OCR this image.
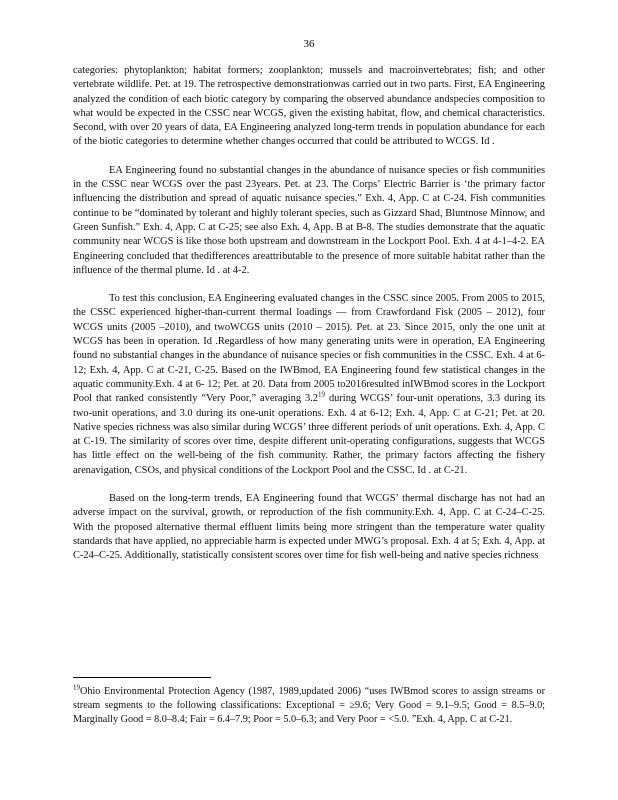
36

categories: phytoplankton; habitat formers; zooplankton; mussels and macroinvertebrates; fish; and other vertebrate wildlife. Pet. at 19. The retrospective demonstrationwas carried out in two parts. First, EA Engineering analyzed the condition of each biotic category by comparing the observed abundance andspecies composition to what would be expected in the CSSC near WCGS, given the existing habitat, flow, and chemical characteristics. Second, with over 20 years of data, EA Engineering analyzed long-term trends in population abundance for each of the biotic categories to determine whether changes occurred that could be attributed to WCGS. Id .

EA Engineering found no substantial changes in the abundance of nuisance species or fish communities in the CSSC near WCGS over the past 23years. Pet. at 23. The Corps’ Electric Barrier is ‘the primary factor influencing the distribution and spread of aquatic nuisance species.” Exh. 4, App. C at C-24. Fish communities continue to be “dominated by tolerant and highly tolerant species, such as Gizzard Shad, Bluntnose Minnow, and Green Sunfish.” Exh. 4, App. C at C-25; see also Exh. 4, App. B at B-8. The studies demonstrate that the aquatic community near WCGS is like those both upstream and downstream in the Lockport Pool. Exh. 4 at 4-1–4-2. EA Engineering concluded that thedifferences areattributable to the presence of more suitable habitat rather than the influence of the thermal plume. Id . at 4-2.

To test this conclusion, EA Engineering evaluated changes in the CSSC since 2005. From 2005 to 2015, the CSSC experienced higher-than-current thermal loadings — from Crawfordand Fisk (2005 – 2012), four WCGS units (2005 –2010), and twoWCGS units (2010 – 2015). Pet. at 23. Since 2015, only the one unit at WCGS has been in operation. Id .Regardless of how many generating units were in operation, EA Engineering found no substantial changes in the abundance of nuisance species or fish communities in the CSSC. Exh. 4 at 6-12; Exh. 4, App. C at C-21, C-25. Based on the IWBmod, EA Engineering found few statistical changes in the aquatic community.Exh. 4 at 6- 12; Pet. at 20. Data from 2005 to2016resulted inIWBmod scores in the Lockport Pool that ranked consistently “Very Poor,” averaging $3.2^{19}$ during WCGS’ four-unit operations, 3.3 during its two-unit operations, and 3.0 during its one-unit operations. Exh. 4 at 6-12; Exh. 4, App. C at C-21; Pet. at 20. Native species richness was also similar during WCGS’ three different periods of unit operations. Exh. 4, App. C at C-19. The similarity of scores over time, despite different unit-operating configurations, suggests that WCGS has little effect on the well-being of the fish community. Rather, the primary factors affecting the fishery arenavigation, CSOs, and physical conditions of the Lockport Pool and the CSSC. Id . at C-21.

Based on the long-term trends, EA Engineering found that WCGS’ thermal discharge has not had an adverse impact on the survival, growth, or reproduction of the fish community.Exh. 4, App. C at C-24–C-25. With the proposed alternative thermal effluent limits being more stringent than the temperature water quality standards that have applied, no appreciable harm is expected under MWG’s proposal. Exh. 4 at 5; Exh. 4, App. at C-24–C-25. Additionally, statistically consistent scores over time for fish well-being and native species richness

$^{19}$Ohio Environmental Protection Agency (1987, 1989,updated 2006) “uses IWBmod scores to assign streams or stream segments to the following classifications: Exceptional = ≥9.6; Very Good = 9.1–9.5; Good = 8.5–9.0; Marginally Good = 8.0–8.4; Fair = 6.4–7.9; Poor = 5.0–6.3; and Very Poor = <5.0. ”Exh. 4, App. C at C-21.
